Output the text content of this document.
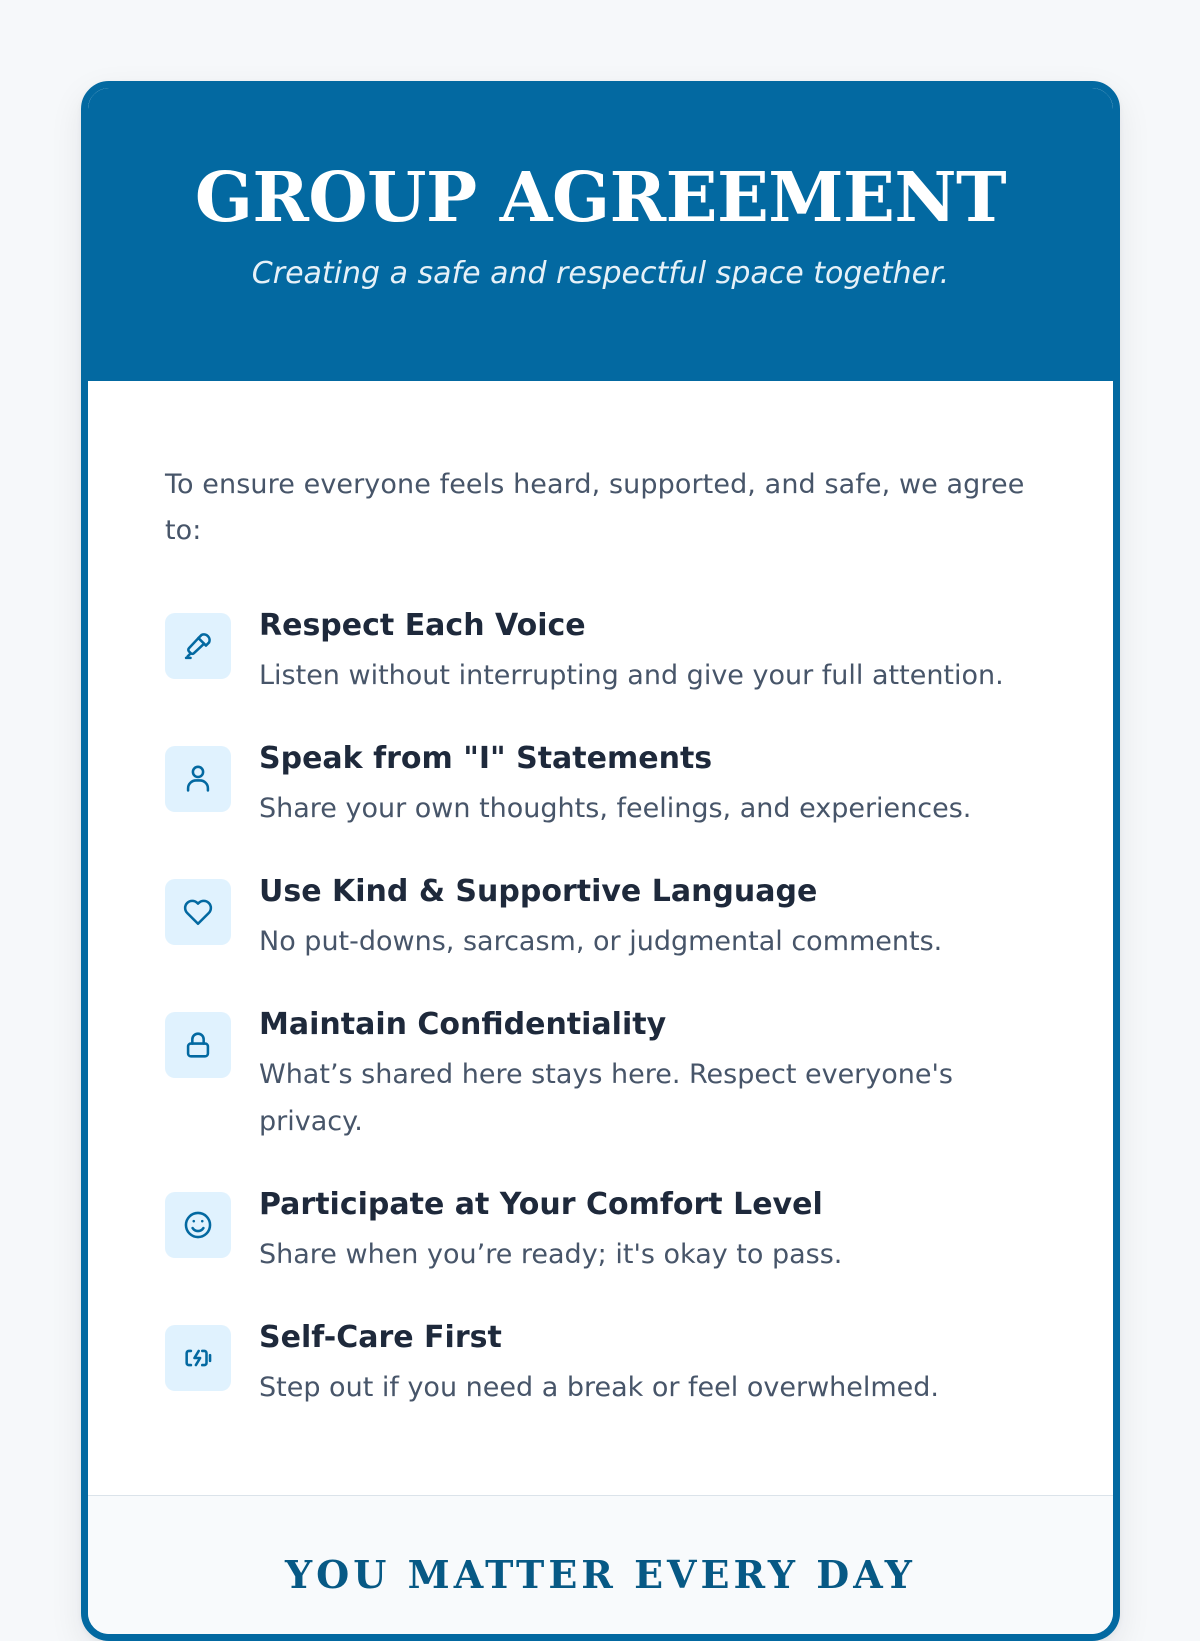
GROUP AGREEMENT

Creating a safe and respectful space together.

To ensure everyone feels heard, supported, and safe, we agree to:

Respect Each Voice

Listen without interrupting and give your full attention.

Speak from "I" Statements

Share your own thoughts, feelings, and experiences.

Use Kind & Supportive Language

No put-downs, sarcasm, or judgmental comments.

Maintain Confidentiality

What’s shared here stays here. Respect everyone's privacy.

Participate at Your Comfort Level

Share when you’re ready; it's okay to pass.

Self-Care First

Step out if you need a break or feel overwhelmed.

YOU MATTER EVERY DAY
